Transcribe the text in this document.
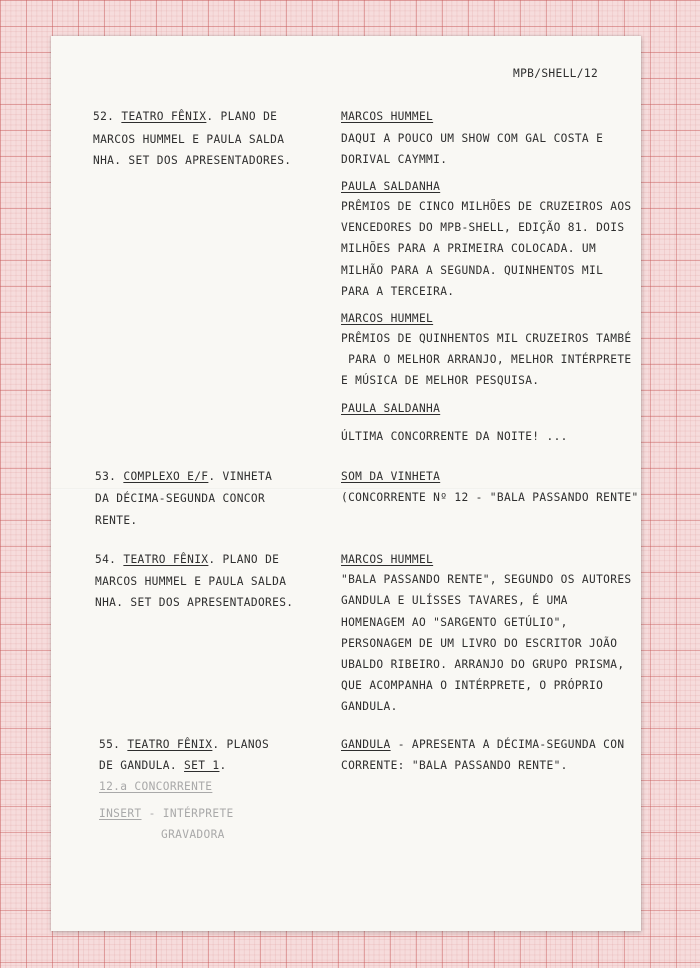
MPB/SHELL/12
52. TEATRO FÊNIX. PLANO DE
MARCOS HUMMEL E PAULA SALDA
NHA. SET DOS APRESENTADORES.
53. COMPLEXO E/F. VINHETA
DA DÉCIMA-SEGUNDA CONCOR
RENTE.
54. TEATRO FÊNIX. PLANO DE
MARCOS HUMMEL E PAULA SALDA
NHA. SET DOS APRESENTADORES.
55. TEATRO FÊNIX. PLANOS
DE GANDULA. SET 1.
12.a CONCORRENTE
INSERT - INTÉRPRETE
GRAVADORA
MARCOS HUMMEL
DAQUI A POUCO UM SHOW COM GAL COSTA E
DORIVAL CAYMMI.
PAULA SALDANHA
PRÊMIOS DE CINCO MILHÕES DE CRUZEIROS AOS
VENCEDORES DO MPB-SHELL, EDIÇÃO 81. DOIS
MILHÕES PARA A PRIMEIRA COLOCADA. UM
MILHÃO PARA A SEGUNDA. QUINHENTOS MIL
PARA A TERCEIRA.
MARCOS HUMMEL
PRÊMIOS DE QUINHENTOS MIL CRUZEIROS TAMBÉ
PARA O MELHOR ARRANJO, MELHOR INTÉRPRETE
E MÚSICA DE MELHOR PESQUISA.
PAULA SALDANHA
ÚLTIMA CONCORRENTE DA NOITE! ...
SOM DA VINHETA
(CONCORRENTE Nº 12 - "BALA PASSANDO RENTE"
MARCOS HUMMEL
"BALA PASSANDO RENTE", SEGUNDO OS AUTORES
GANDULA E ULÍSSES TAVARES, É UMA
HOMENAGEM AO "SARGENTO GETÚLIO",
PERSONAGEM DE UM LIVRO DO ESCRITOR JOÃO
UBALDO RIBEIRO. ARRANJO DO GRUPO PRISMA,
QUE ACOMPANHA O INTÉRPRETE, O PRÓPRIO
GANDULA.
GANDULA - APRESENTA A DÉCIMA-SEGUNDA CON
CORRENTE: "BALA PASSANDO RENTE".
